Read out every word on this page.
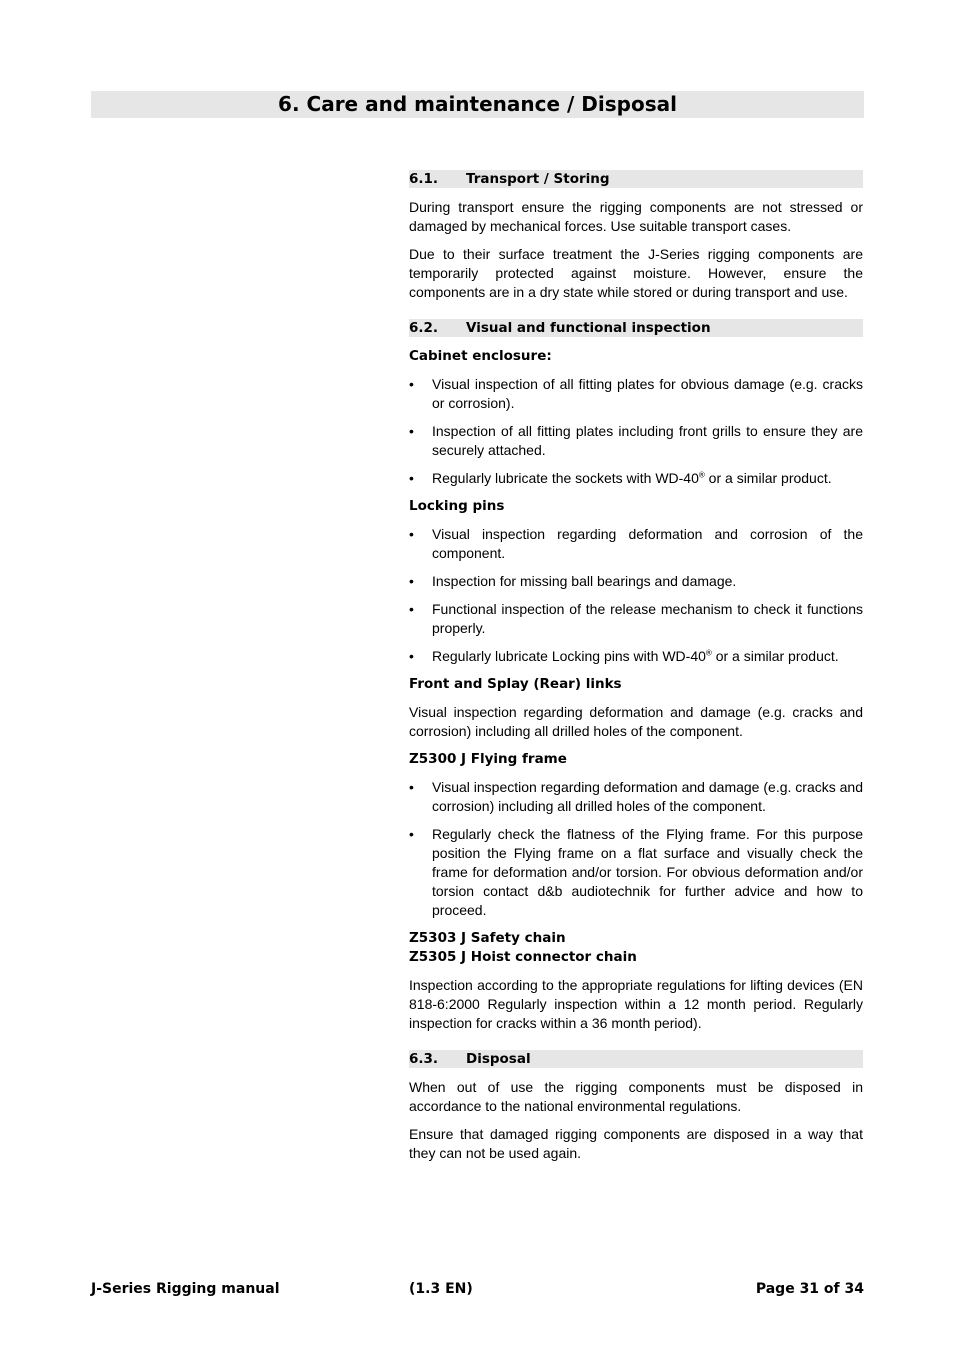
6. Care and maintenance / Disposal
6.1. Transport / Storing

During transport ensure the rigging components are not stressed or damaged by mechanical forces. Use suitable transport cases.

Due to their surface treatment the J-Series rigging components are temporarily protected against moisture. However, ensure the components are in a dry state while stored or during transport and use.

6.2. Visual and functional inspection
Cabinet enclosure:
• Visual inspection of all fitting plates for obvious damage (e.g. cracks or corrosion).
• Inspection of all fitting plates including front grills to ensure they are securely attached.
• Regularly lubricate the sockets with WD-40® or a similar product.
Locking pins
• Visual inspection regarding deformation and corrosion of the component.
• Inspection for missing ball bearings and damage.
• Functional inspection of the release mechanism to check it functions properly.
• Regularly lubricate Locking pins with WD-40® or a similar product.
Front and Splay (Rear) links

Visual inspection regarding deformation and damage (e.g. cracks and corrosion) including all drilled holes of the component.

Z5300 J Flying frame
• Visual inspection regarding deformation and damage (e.g. cracks and corrosion) including all drilled holes of the component.
• Regularly check the flatness of the Flying frame. For this purpose position the Flying frame on a flat surface and visually check the frame for deformation and/or torsion. For obvious deformation and/or torsion contact d&b audiotechnik for further advice and how to proceed.
Z5303 J Safety chain
Z5305 J Hoist connector chain

Inspection according to the appropriate regulations for lifting devices (EN 818-6:2000 Regularly inspection within a 12 month period. Regularly inspection for cracks within a 36 month period).

6.3. Disposal

When out of use the rigging components must be disposed in accordance to the national environmental regulations.

Ensure that damaged rigging components are disposed in a way that they can not be used again.

J-Series Rigging manual	(1.3 EN)	Page 31 of 34
